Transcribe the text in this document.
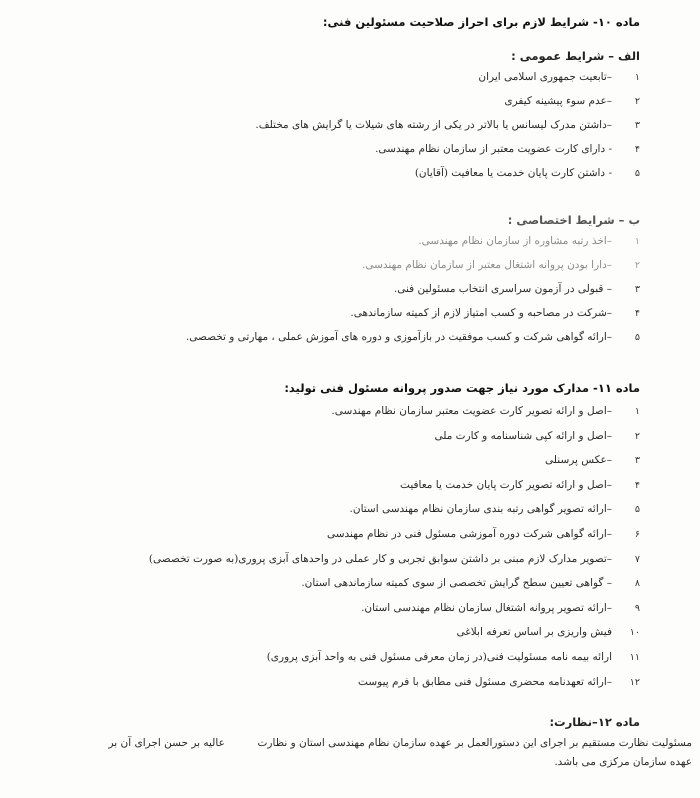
ماده ۱۰- شرایط لازم برای احراز صلاحیت مسئولین فنی:
الف – شرایط عمومی :
۱–تابعیت جمهوری اسلامی ایران
۲–عدم سوء پیشینه کیفری
۳–داشتن مدرک لیسانس یا بالاتر در یکی از رشته های شیلات یا گرایش های مختلف.
۴- دارای کارت عضویت معتبر از سازمان نظام مهندسی.
۵- داشتن کارت پایان خدمت یا معافیت (آقایان)
ب – شرایط اختصاصی :
۱–اخذ رتبه مشاوره از سازمان نظام مهندسی.
۲–دارا بودن پروانه اشتغال معتبر از سازمان نظام مهندسی.
۳– قبولی در آزمون سراسری انتخاب مسئولین فنی.
۴–شرکت در مصاحبه و کسب امتیاز لازم از کمیته سازماندهی.
۵–ارائه گواهی شرکت و کسب موفقیت در بازآموزی و دوره های آموزش عملی ، مهارتی و تخصصی.
ماده ۱۱- مدارک مورد نیاز جهت صدور پروانه مسئول فنی تولید:
۱–اصل و ارائه تصویر کارت عضویت معتبر سازمان نظام مهندسی.
۲–اصل و ارائه کپی شناسنامه و کارت ملی
۳–عکس پرسنلی
۴–اصل و ارائه تصویر کارت پایان خدمت یا معافیت
۵–ارائه تصویر گواهی رتبه بندی سازمان نظام مهندسی استان.
۶–ارائه گواهی شرکت دوره آموزشی مسئول فنی در نظام مهندسی
۷–تصویر مدارک لازم مبنی بر داشتن سوابق تجربی و کار عملی در واحدهای آبزی پروری(به صورت تخصصی)
۸– گواهی تعیین سطح گرایش تخصصی از سوی کمیته سازماندهی استان.
۹–ارائه تصویر پروانه اشتغال سازمان نظام مهندسی استان.
۱۰فیش واریزی بر اساس تعرفه ابلاغی
۱۱ارائه بیمه نامه مسئولیت فنی(در زمان معرفی مسئول فنی به واحد آبزی پروری)
۱۲–ارائه تعهدنامه محضری مسئول فنی مطابق با فرم پیوست
ماده ۱۲–نظارت:
مسئولیت نظارت مستقیم بر اجرای این دستورالعمل بر عهده سازمان نظام مهندسی استان و نظارت  عالیه بر حسن اجرای آن بر
عهده سازمان مرکزی می باشد.
